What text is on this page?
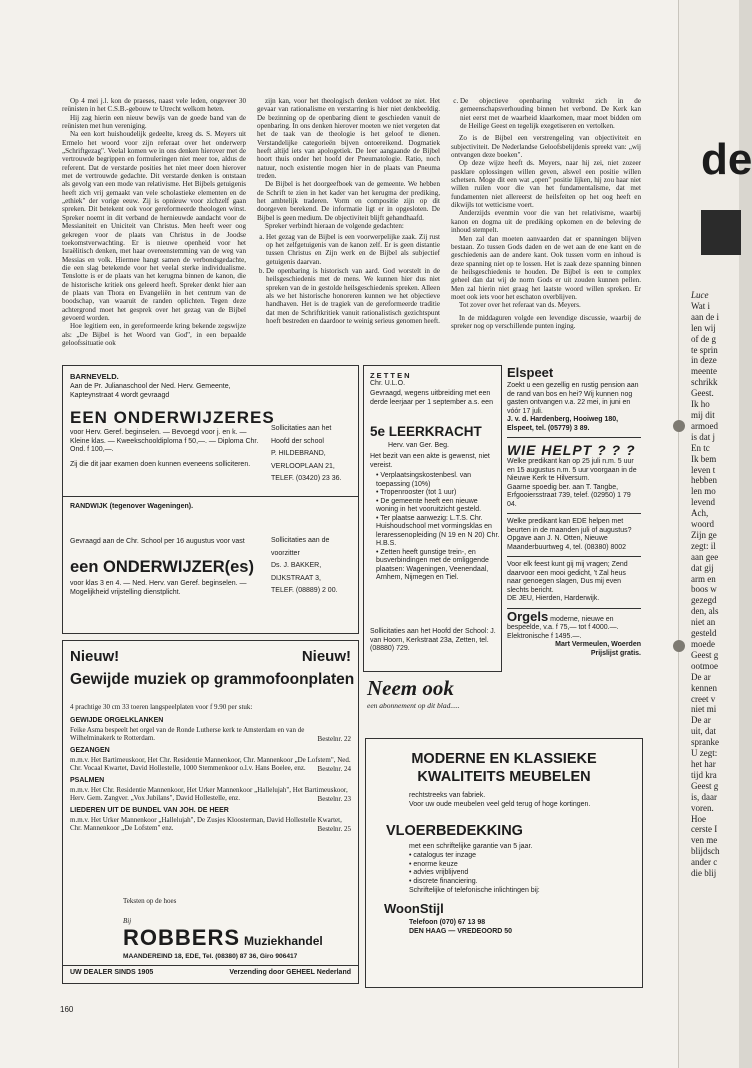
Op 4 mei j.l. kon de praeses, naast vele leden, ongeveer 30 reünisten in het C.S.B.-gebouw te Utrecht welkom heten.

Hij zag hierin een nieuw bewijs van de goede band van de reünisten met hun vereniging.

Na een kort huishoudelijk gedeelte, kreeg ds. S. Meyers uit Ermelo het woord voor zijn referaat over het onderwerp „Schriftgezag". Veelal komen we in ons denken hierover met de vertrouwde begrippen en formuleringen niet meer toe, aldus de referent. Dat de verstarde posities het niet meer doen hierover met de vertrouwde gedachte. Dit verstarde denken is ontstaan als gevolg van een mode van relativisme. Het Bijbels getuigenis heeft zich vrij gemaakt van vele scholastieke elementen en de „ethiek" der vorige eeuw. Zij is opnieuw voor zichzelf gaan spreken. Dit betekent ook voor gereformeerde theologen winst. Spreker noemt in dit verband de hernieuwde aandacht voor de Messianiteit en Uniciteit van Christus. Men heeft weer oog gekregen voor de plaats van Christus in de Joodse toekomstverwachting. Er is nieuwe openheid voor het Israëlitisch denken, met haar overeenstemming van de weg van Messias en volk. Hiermee hangt samen de verbondsgedachte, die een slag betekende voor het veelal sterke individualisme. Tenslotte is er de plaats van het kerugma binnen de kanon, die de historische kritiek ons geleerd heeft. Spreker denkt hier aan de plaats van Thora en Evangeliën in het centrum van de boodschap, van waaruit de randen oplichten. Tegen deze achtergrond moet het gesprek over het gezag van de Bijbel gevoerd worden.

Hoe legitiem een, in gereformeerde kring bekende zegswijze als: „De Bijbel is het Woord van God", in een bepaalde geloofssituatie ook

zijn kan, voor het theologisch denken voldoet ze niet. Het gevaar van rationalisme en verstarring is hier niet denkbeeldig. De bezinning op de openbaring dient te geschieden vanuit de openbaring. In ons denken hierover moeten we niet vergeten dat het de taak van de theologie is het geloof te dienen. Verstandelijke categorieën bijven ontoereikend. Dogmatiek heeft altijd iets van apologetiek. De leer aangaande de Bijbel hoort thuis onder het hoofd der Pneumatologie. Ratio, noch natuur, noch existentie mogen hier in de plaats van Pneuma treden.

De Bijbel is het doorgeefboek van de gemeente. We hebben de Schrift te zien in het kader van het kerugma der prediking, het ambtelijk traderen. Vorm en compositie zijn op dit doorgeven berekend. De informatie ligt er in opgesloten. De Bijbel is geen medium. De objectiviteit blijft gehandhaafd.

Spreker verbindt hieraan de volgende gedachten:

a. Het gezag van de Bijbel is een voorwerpelijke zaak. Zij rust op het zelfgetuigenis van de kanon zelf. Er is geen distantie tussen Christus en Zijn werk en de Bijbel als subjectief getuigenis daarvan.
b. De openbaring is historisch van aard. God worstelt in de heilsgeschiedenis met de mens. We kunnen hier dus niet spreken van de in gestolde heilsgeschiedenis spreken. Alleen als we het historische honoreren kunnen we het objectieve handhaven. Het is de tragiek van de gereformeerde traditie dat men de Schriftkritiek vanuit rationalistisch gezichtspunt hoeft bestreden en daardoor te weinig serieus genomen heeft.
c. De objectieve openbaring voltrekt zich in de gemeenschapsverhouding binnen het verbond. De Kerk kan niet eerst met de waarheid klaarkomen, maar moet bidden om de Heilige Geest en tegelijk exegetiseren en vertolken.

Zo is de Bijbel een verstrengeling van objectiviteit en subjectiviteit. De Nederlandse Geloofsbelijdenis spreekt van: „wij ontvangen deze boeken".

Op deze wijze heeft ds. Meyers, naar hij zei, niet zozeer pasklare oplossingen willen geven, alswel een positie willen schetsen. Moge dit een wat „open" positie lijken, hij zou haar niet willen ruilen voor die van het fundamentalisme, dat met fundamenten niet allereerst de heilsfeiten op het oog heeft en dikwijls tot wetticisme voert.

Anderzijds evenmin voor die van het relativisme, waarbij kanon en dogma uit de prediking opkomen en de beleving de inhoud stempelt.

Men zal dan moeten aanvaarden dat er spanningen blijven bestaan. Zo tussen Gods daden en de wet aan de ene kant en de geschiedenis aan de andere kant. Ook tussen vorm en inhoud is deze spanning niet op te lossen. Het is zaak deze spanning binnen de heilsgeschiedenis te houden. De Bijbel is een te complex geheel dan dat wij de norm Gods er uit zouden kunnen pellen. Men zal hierin niet graag het laatste woord willen spreken. Er moet ook iets voor het eschaton overblijven.

Tot zover over het referaat van ds. Meyers.

In de middaguren volgde een levendige discussie, waarbij de spreker nog op verschillende punten inging.

BARNEVELD.
Aan de Pr. Julianaschool der Ned. Herv. Gemeente, Kapteynstraat 4 wordt gevraagd
EEN ONDERWIJZERES
voor Herv. Geref. beginselen. — Bevoegd voor j. en k. — Kleine klas. — Kweekschooldiploma f 50,—. — Diploma Chr. Ond. f 100,—.
Zij die dit jaar examen doen kunnen eveneens solliciteren.
Sollicitaties aan het
Hoofd der school
P. HILDEBRAND,
VERLOOPLAAN 21,
TELEF. (03420) 23 36.
RANDWIJK (tegenover Wageningen).
Gevraagd aan de Chr. School per 16 augustus voor vast
een ONDERWIJZER(es)
voor klas 3 en 4. — Ned. Herv. van Geref. beginselen. — Mogelijkheid vrijstelling dienstplicht.
Sollicitaties aan de
voorzitter
Ds. J. BAKKER,
DIJKSTRAAT 3,
TELEF. (08889) 2 00.
Nieuw!	Nieuw!
Gewijde muziek op grammofoonplaten
4 prachtige 30 cm 33 toeren langspeelplaten voor f 9.90 per stuk:
GEWIJDE ORGELKLANKEN
Feike Asma bespeelt het orgel van de Ronde Lutherse kerk te Amsterdam en van de Wilhelminakerk te Rotterdam.	Bestelnr. 22
GEZANGEN
m.m.v. Het Bartimeuskoor, Het Chr. Residentie Mannenkoor, Chr. Mannenkoor „De Lofstem", Ned. Chr. Vocaal Kwartet, David Hollestelle, 1000 Stemmenkoor o.l.v. Hans Boelee, enz.	Bestelnr. 24
PSALMEN
m.m.v. Het Chr. Residentie Mannenkoor, Het Urker Mannenkoor „Hallelujah", Het Bartimeuskoor, Herv. Gem. Zangver. „Vox Jubilans", David Hollestelle, enz.	Bestelnr. 23
LIEDEREN UIT DE BUNDEL VAN JOH. DE HEER
m.m.v. Het Urker Mannenkoor „Hallelujah", De Zusjes Kloosterman, David Hollestelle Kwartet, Chr. Mannenkoor „De Lofstem" enz.	Bestelnr. 25
Teksten op de hoes
Bij
ROBBERS Muziekhandel
MAANDEREIND 18, EDE, Tel. (08380) 87 36, Giro 906417
UW DEALER SINDS 1905	Verzending door GEHEEL Nederland
Z E T T E N
Chr. U.L.O.
Gevraagd, wegens uitbreiding met een derde leerjaar per 1 september a.s. een
5e LEERKRACHT
Herv. van Ger. Beg.
Het bezit van een akte is gewenst, niet vereist.
• Verplaatsingskostenbesl. van toepassing (10%)
• Tropenrooster (tot 1 uur)
• De gemeente heeft een nieuwe woning in het vooruitzicht gesteld.
• Ter plaatse aanwezig: L.T.S. Chr. Huishoudschool met vormingsklas en leraressenopleiding (N 19 en N 20) Chr. H.B.S.
• Zetten heeft gunstige trein-, en busverbindingen met de omliggende plaatsen: Wageningen, Veenendaal, Arnhem, Nijmegen en Tiel.
Sollicitaties aan het Hoofd der School: J. van Hoorn, Kerkstraat 23a, Zetten, tel. (08880) 729.
Neem ook
een abonnement op dit blad.....
Elspeet
Zoekt u een gezellig en rustig pension aan de rand van bos en hei? Wij kunnen nog gasten ontvangen v.a. 22 mei, in juni en vóór 17 juli.
J. v. d. Hardenberg, Hooiweg 180, Elspeet, tel. (05779) 3 89.
WIE HELPT ? ? ?
Welke predikant kan op 25 juli n.m. 5 uur en 15 augustus n.m. 5 uur voorgaan in de Nieuwe Kerk te Hilversum.
Gaarne spoedig ber. aan T. Tangbe, Erfgooiersstraat 739, telef. (02950) 1 79 04.
Welke predikant kan EDE helpen met beurten in de maanden juli of augustus?
Opgave aan J. N. Otten, Nieuwe Maanderbuurtweg 4, tel. (08380) 8002
Voor elk feest kunt gij mij vragen; Zend daarvoor een mooi gedicht, 't Zal heus naar genoegen slagen, Dus mij even slechts bericht.
DE JEU, Hierden, Harderwijk.
Orgels moderne, nieuwe en bespeelde, v.a. f 75,— tot f 4000.—. Elektronische f 1495.—.
Mart Vermeulen, Woerden
Prijslijst gratis.
MODERNE EN KLASSIEKE
KWALITEITS MEUBELEN
rechtstreeks van fabriek.
Voor uw oude meubelen veel geld terug of hoge kortingen.
VLOERBEDEKKING
met een schriftelijke garantie van 5 jaar.
• catalogus ter inzage
• enorme keuze
• advies vrijblijvend
• discrete financiering.
Schriftelijke of telefonische inlichtingen bij:
WoonStijl
Telefoon (070) 67 13 98
DEN HAAG — VREDEOORD 50
160
de
Luce
Wat i
aan de i
len wij
of de g
te sprin
in deze
meente
schrikk
Geest.
Ik ho
mij dit
armoed
is dat j
En tc
Ik bem
leven t
hebben
len mo
levend
Ach,
woord
Zijn ge
zegt: il
aan gee
dat gij
arm en
boos w
gezegd
den, als
niet an
gesteld
moede
Geest g
ootmoe
De ar
kennen
creet v
niet mi
De ar
uit, dat
spranke
U zegt:
het har
tijd kra
Geest g
is, daar
voren.
Hoe
cerste I
ven me
blijdsch
ander c
die blij
